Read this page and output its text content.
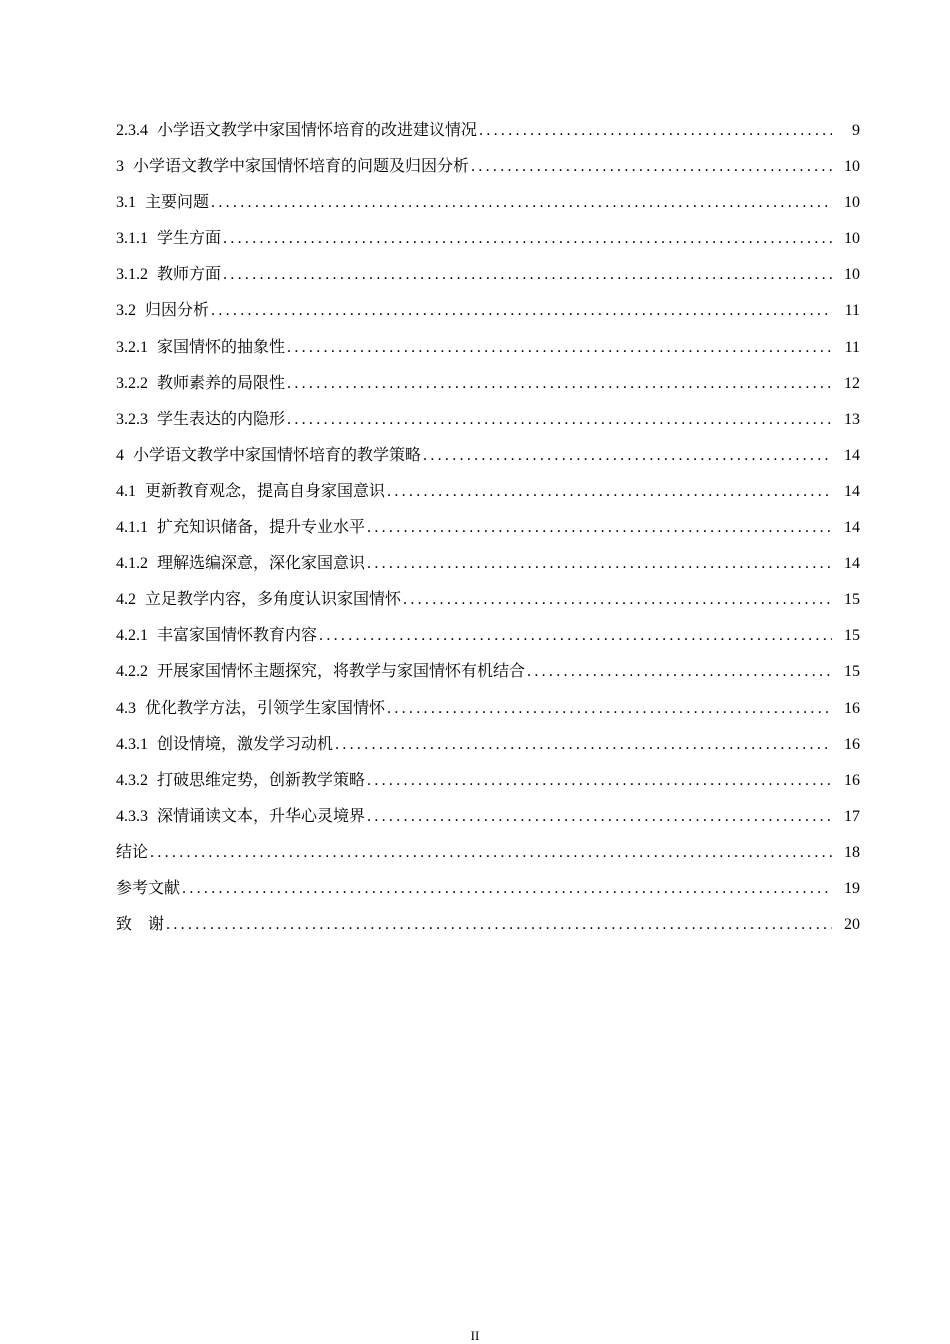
2.3.4 小学语文教学中家国情怀培育的改进建议情况 .....	9
3 小学语文教学中家国情怀培育的问题及归因分析 .....	10
3.1 主要问题 .....	10
3.1.1 学生方面 .....	10
3.1.2 教师方面 .....	10
3.2 归因分析 .....	11
3.2.1 家国情怀的抽象性 .....	11
3.2.2 教师素养的局限性 .....	12
3.2.3 学生表达的内隐形 .....	13
4 小学语文教学中家国情怀培育的教学策略 .....	14
4.1 更新教育观念，提高自身家国意识 .....	14
4.1.1 扩充知识储备，提升专业水平 .....	14
4.1.2 理解选编深意，深化家国意识 .....	14
4.2 立足教学内容，多角度认识家国情怀 .....	15
4.2.1 丰富家国情怀教育内容 .....	15
4.2.2 开展家国情怀主题探究，将教学与家国情怀有机结合 .....	15
4.3 优化教学方法，引领学生家国情怀 .....	16
4.3.1 创设情境，激发学习动机 .....	16
4.3.2 打破思维定势，创新教学策略 .....	16
4.3.3 深情诵读文本，升华心灵境界 .....	17
结论 .....	18
参考文献 .....	19
致　谢 .....	20
II
